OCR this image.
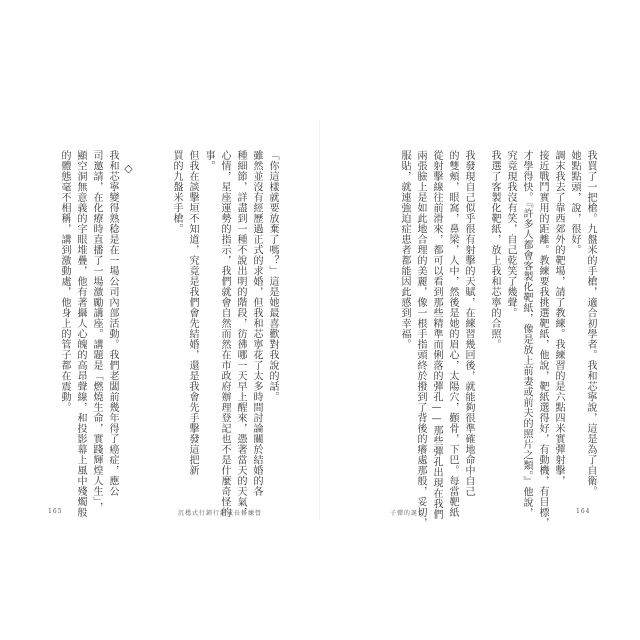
「你這樣就要放棄了嗎？」這是她最喜歡對我說的話。
雖然並沒有經歷過正式的求婚，但我和芯寧花了太多時間討論關於結婚的各
種細節，詳盡到一種不說出明的階段，彷彿哪一天早上醒來，憑著當天的天氣，
心情，星座運勢的指示，我們就會自然而然在市政府辦理登記也不是什麼奇怪的
事。
但我在談擊垣不知道，究竟是我們會先結婚，還是我會先手擊發這把新
買的九盤米手槍。
◇
我和芯寧變得熟稔是在一場公司內部活動。我們老闆前幾年得了癌症，應公
司邀請，在化療時直播了一場激勵講座。講題是「燃燒生命，實踐輝煌人生」，
顯空洞無意義的字眼堆疊，他有著攝人心魄的高昂聲線，和投影幕上風中殘燭般
的體態毫不相稱，講到激動處，他身上的管子都在震動。
165	沉穩式行銷行銷成長修練營
我買了一把槍。九盤米的手槍，適合初學者。我和芯寧說，這是為了自衛。
她點點頭，說，很好。
調末我去了靠西郊外的靶場，請了教練。我練習的是六點四米實彈射擊，
接近戰鬥實用的距離。教練要我挑選靶紙，他說，靶紙選得好，有動機，有目標，
才學得快。『許多人都會客製化靶紙，像是放上前妻或前夫的照片之類。』他說，
究竟現我沒有笑，自己乾笑了幾聲。
我選了客製化靶紙，放上我和芯寧的合照。
我發現自己似乎很有射擊的天賦，在練習幾回後，就能夠很準確地命中自己
的雙頰，眼窩，鼻梁，人中，然後是她的眉心，太陽穴，顴骨，下巴。每當靶紙
從射擊線往前滑來，都可以看到那些精準而俐落的彈孔——那些彈孔出現在我們
兩張臉上是如此地合理的美麗，像一根手指頭終於撥到了背後的癢處那般，妥切，
服貼，就連強迫症患者都能因此感到幸福。
子彈的誕生	164
